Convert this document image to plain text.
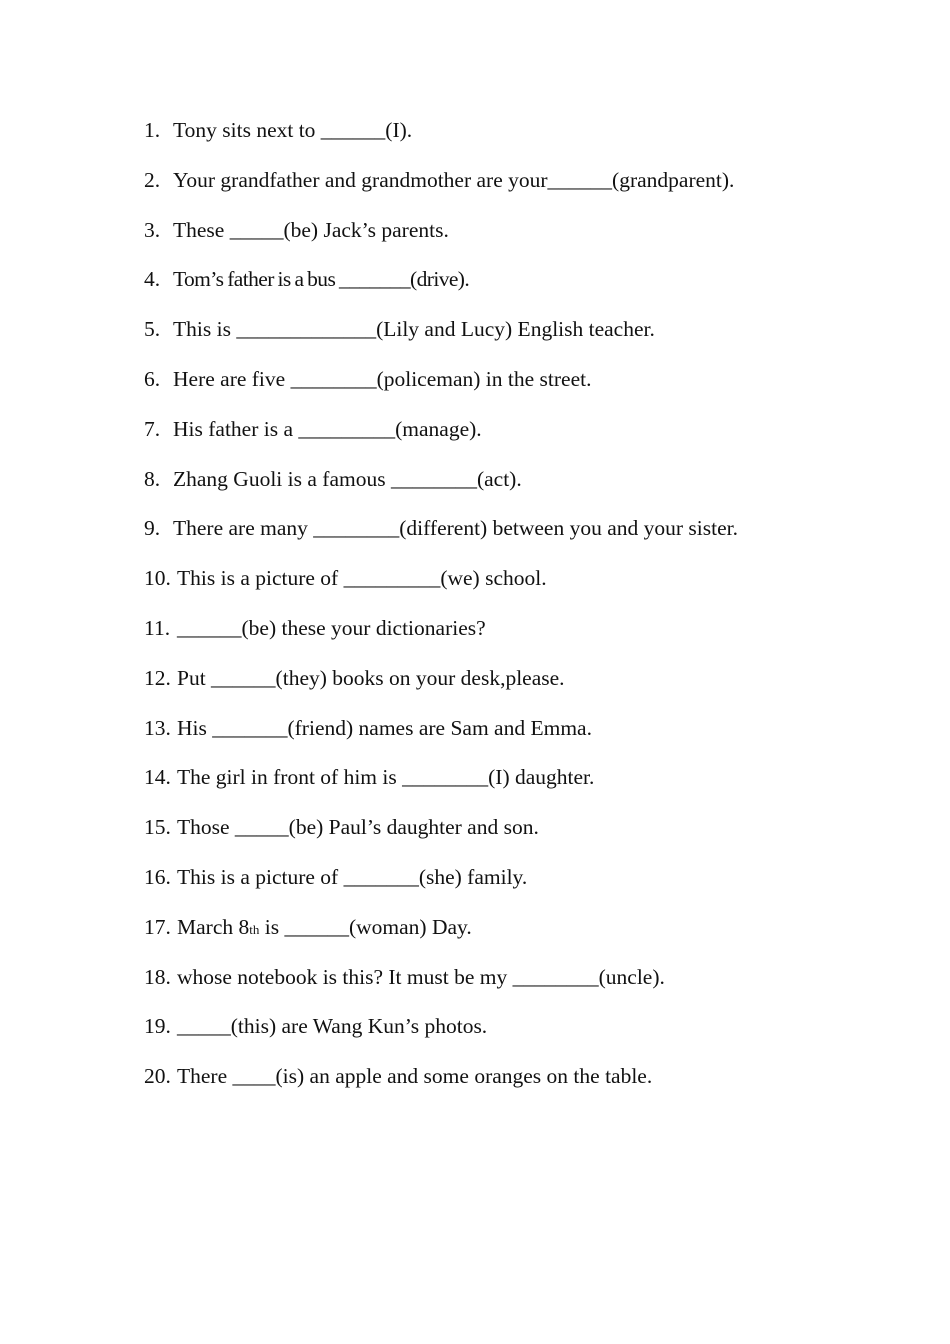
1. Tony sits next to ______(I).
2. Your grandfather and grandmother are your______(grandparent).
3. These _____(be) Jack’s parents.
4. Tom’s father is a bus _______(drive).
5. This is _____________(Lily and Lucy) English teacher.
6. Here are five ________(policeman) in the street.
7. His father is a _________(manage).
8. Zhang Guoli is a famous ________(act).
9. There are many ________(different) between you and your sister.
10. This is a picture of _________(we) school.
11. ______(be) these your dictionaries?
12. Put ______(they) books on your desk,please.
13. His _______(friend) names are Sam and Emma.
14. The girl in front of him is ________(I) daughter.
15. Those _____(be) Paul’s daughter and son.
16. This is a picture of _______(she) family.
17. March 8th is ______(woman) Day.
18. whose notebook is this? It must be my ________(uncle).
19. _____(this) are Wang Kun’s photos.
20. There ____(is) an apple and some oranges on the table.
